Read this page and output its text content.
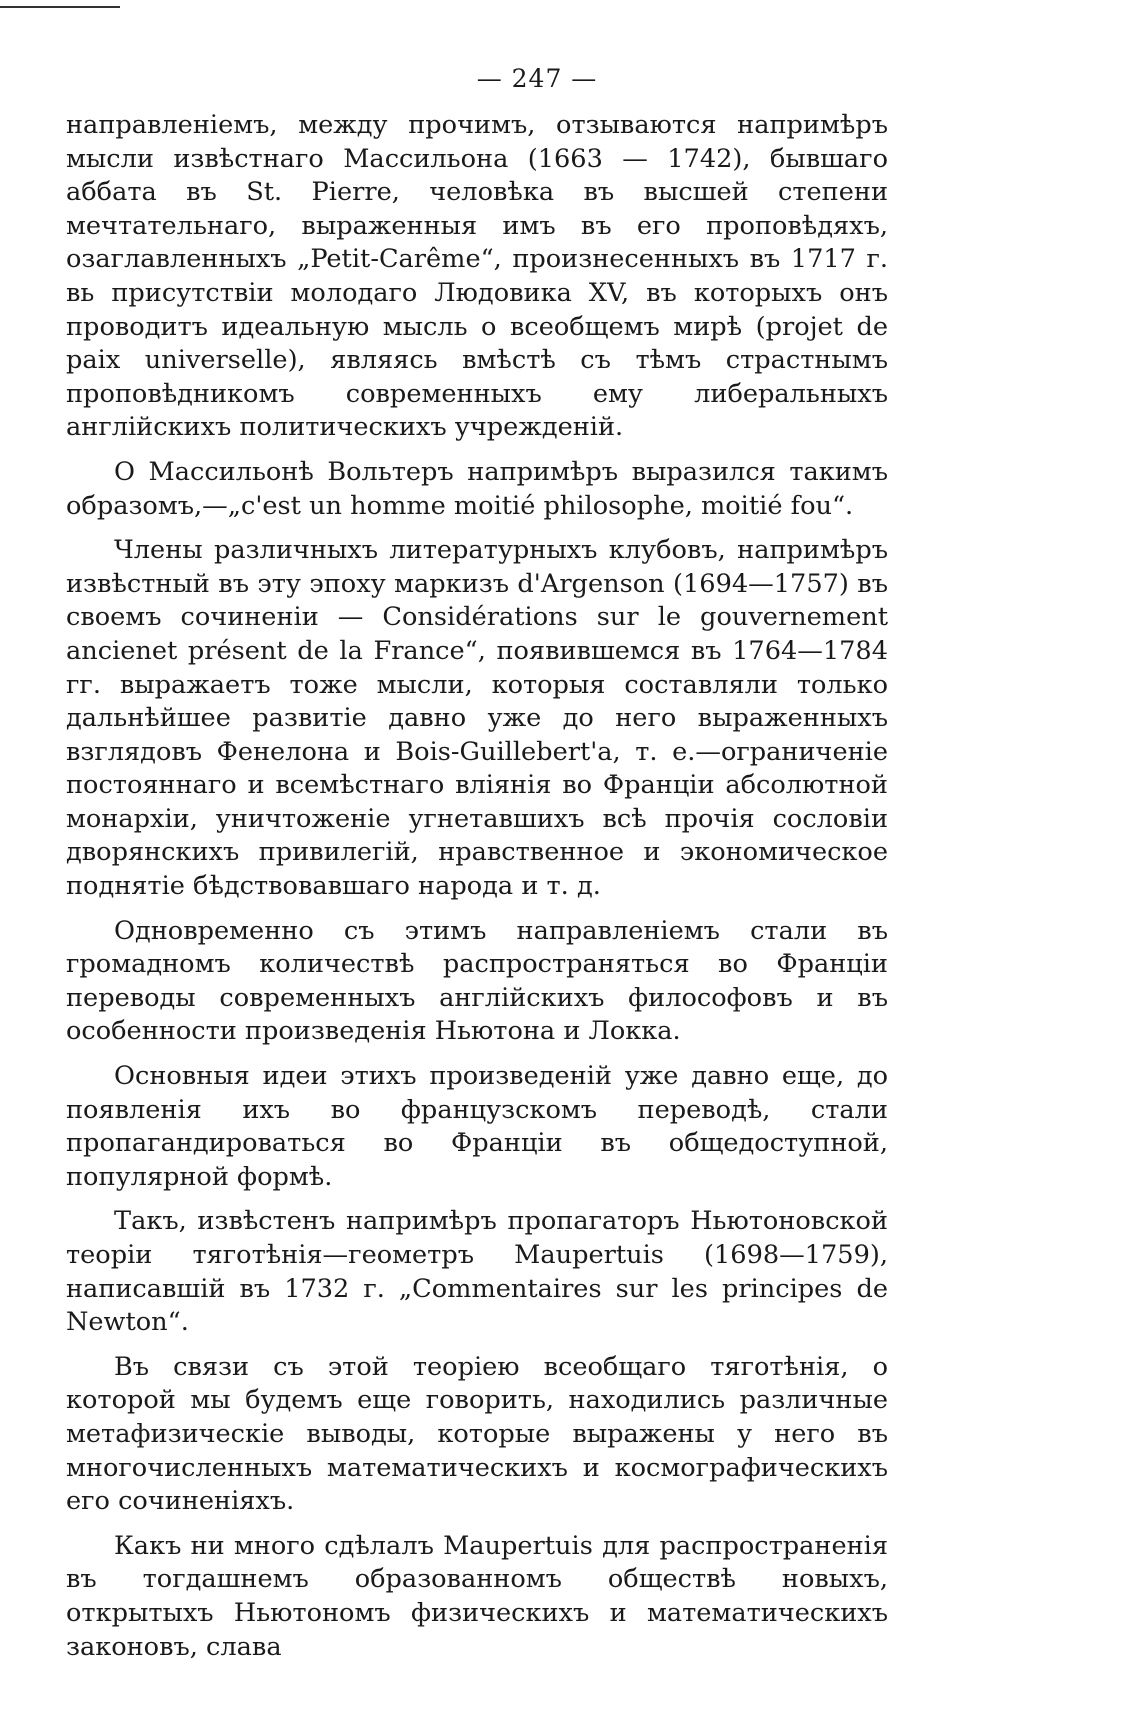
— 247 —

направленіемъ, между прочимъ, отзываются напримѣръ мысли извѣстнаго Массильона (1663 — 1742), бывшаго аббата въ St. Pierre, человѣка въ высшей степени мечтательнаго, выраженныя имъ въ его проповѣдяхъ, озаглавленныхъ „Petit-Carême“, произнесенныхъ въ 1717 г. вь присутствіи молодаго Людовика XV, въ которыхъ онъ проводитъ идеальную мысль о всеобщемъ мирѣ (projet de paix universelle), являясь вмѣстѣ съ тѣмъ страстнымъ проповѣдникомъ современныхъ ему либеральныхъ англійскихъ политическихъ учрежденій.

О Массильонѣ Вольтеръ напримѣръ выразился такимъ образомъ,—„c'est un homme moitié philosophe, moitié fou“.

Члены различныхъ литературныхъ клубовъ, напримѣръ извѣстный въ эту эпоху маркизъ d'Argenson (1694—1757) въ своемъ сочиненіи — Considérations sur le gouvernement ancienet présent de la France“, появившемся въ 1764—1784 гг. выражаетъ тоже мысли, которыя составляли только дальнѣйшее развитіе давно уже до него выраженныхъ взглядовъ Фенелона и Bois-Guillebert'a, т. е.—ограниченіе постояннаго и всемѣстнаго вліянія во Франціи абсолютной монархіи, уничтоженіе угнетавшихъ всѣ прочія сословіи дворянскихъ привилегій, нравственное и экономическое поднятіе бѣдствовавшаго народа и т. д.

Одновременно съ этимъ направленіемъ стали въ громадномъ количествѣ распространяться во Франціи переводы современныхъ англійскихъ философовъ и въ особенности произведенія Ньютона и Локка.

Основныя идеи этихъ произведеній уже давно еще, до появленія ихъ во французскомъ переводѣ, стали пропагандироваться во Франціи въ общедоступной, популярной формѣ.

Такъ, извѣстенъ напримѣръ пропагаторъ Ньютоновской теоріи тяготѣнія—геометръ Maupertuis (1698—1759), написавшій въ 1732 г. „Commentaires sur les principes de Newton“.

Въ связи съ этой теоріею всеобщаго тяготѣнія, о которой мы будемъ еще говорить, находились различные метафизическіе выводы, которые выражены у него въ многочисленныхъ математическихъ и космографическихъ его сочиненіяхъ.

Какъ ни много сдѣлалъ Maupertuis для распространенія въ тогдашнемъ образованномъ обществѣ новыхъ, открытыхъ Ньютономъ физическихъ и математическихъ законовъ, слава
